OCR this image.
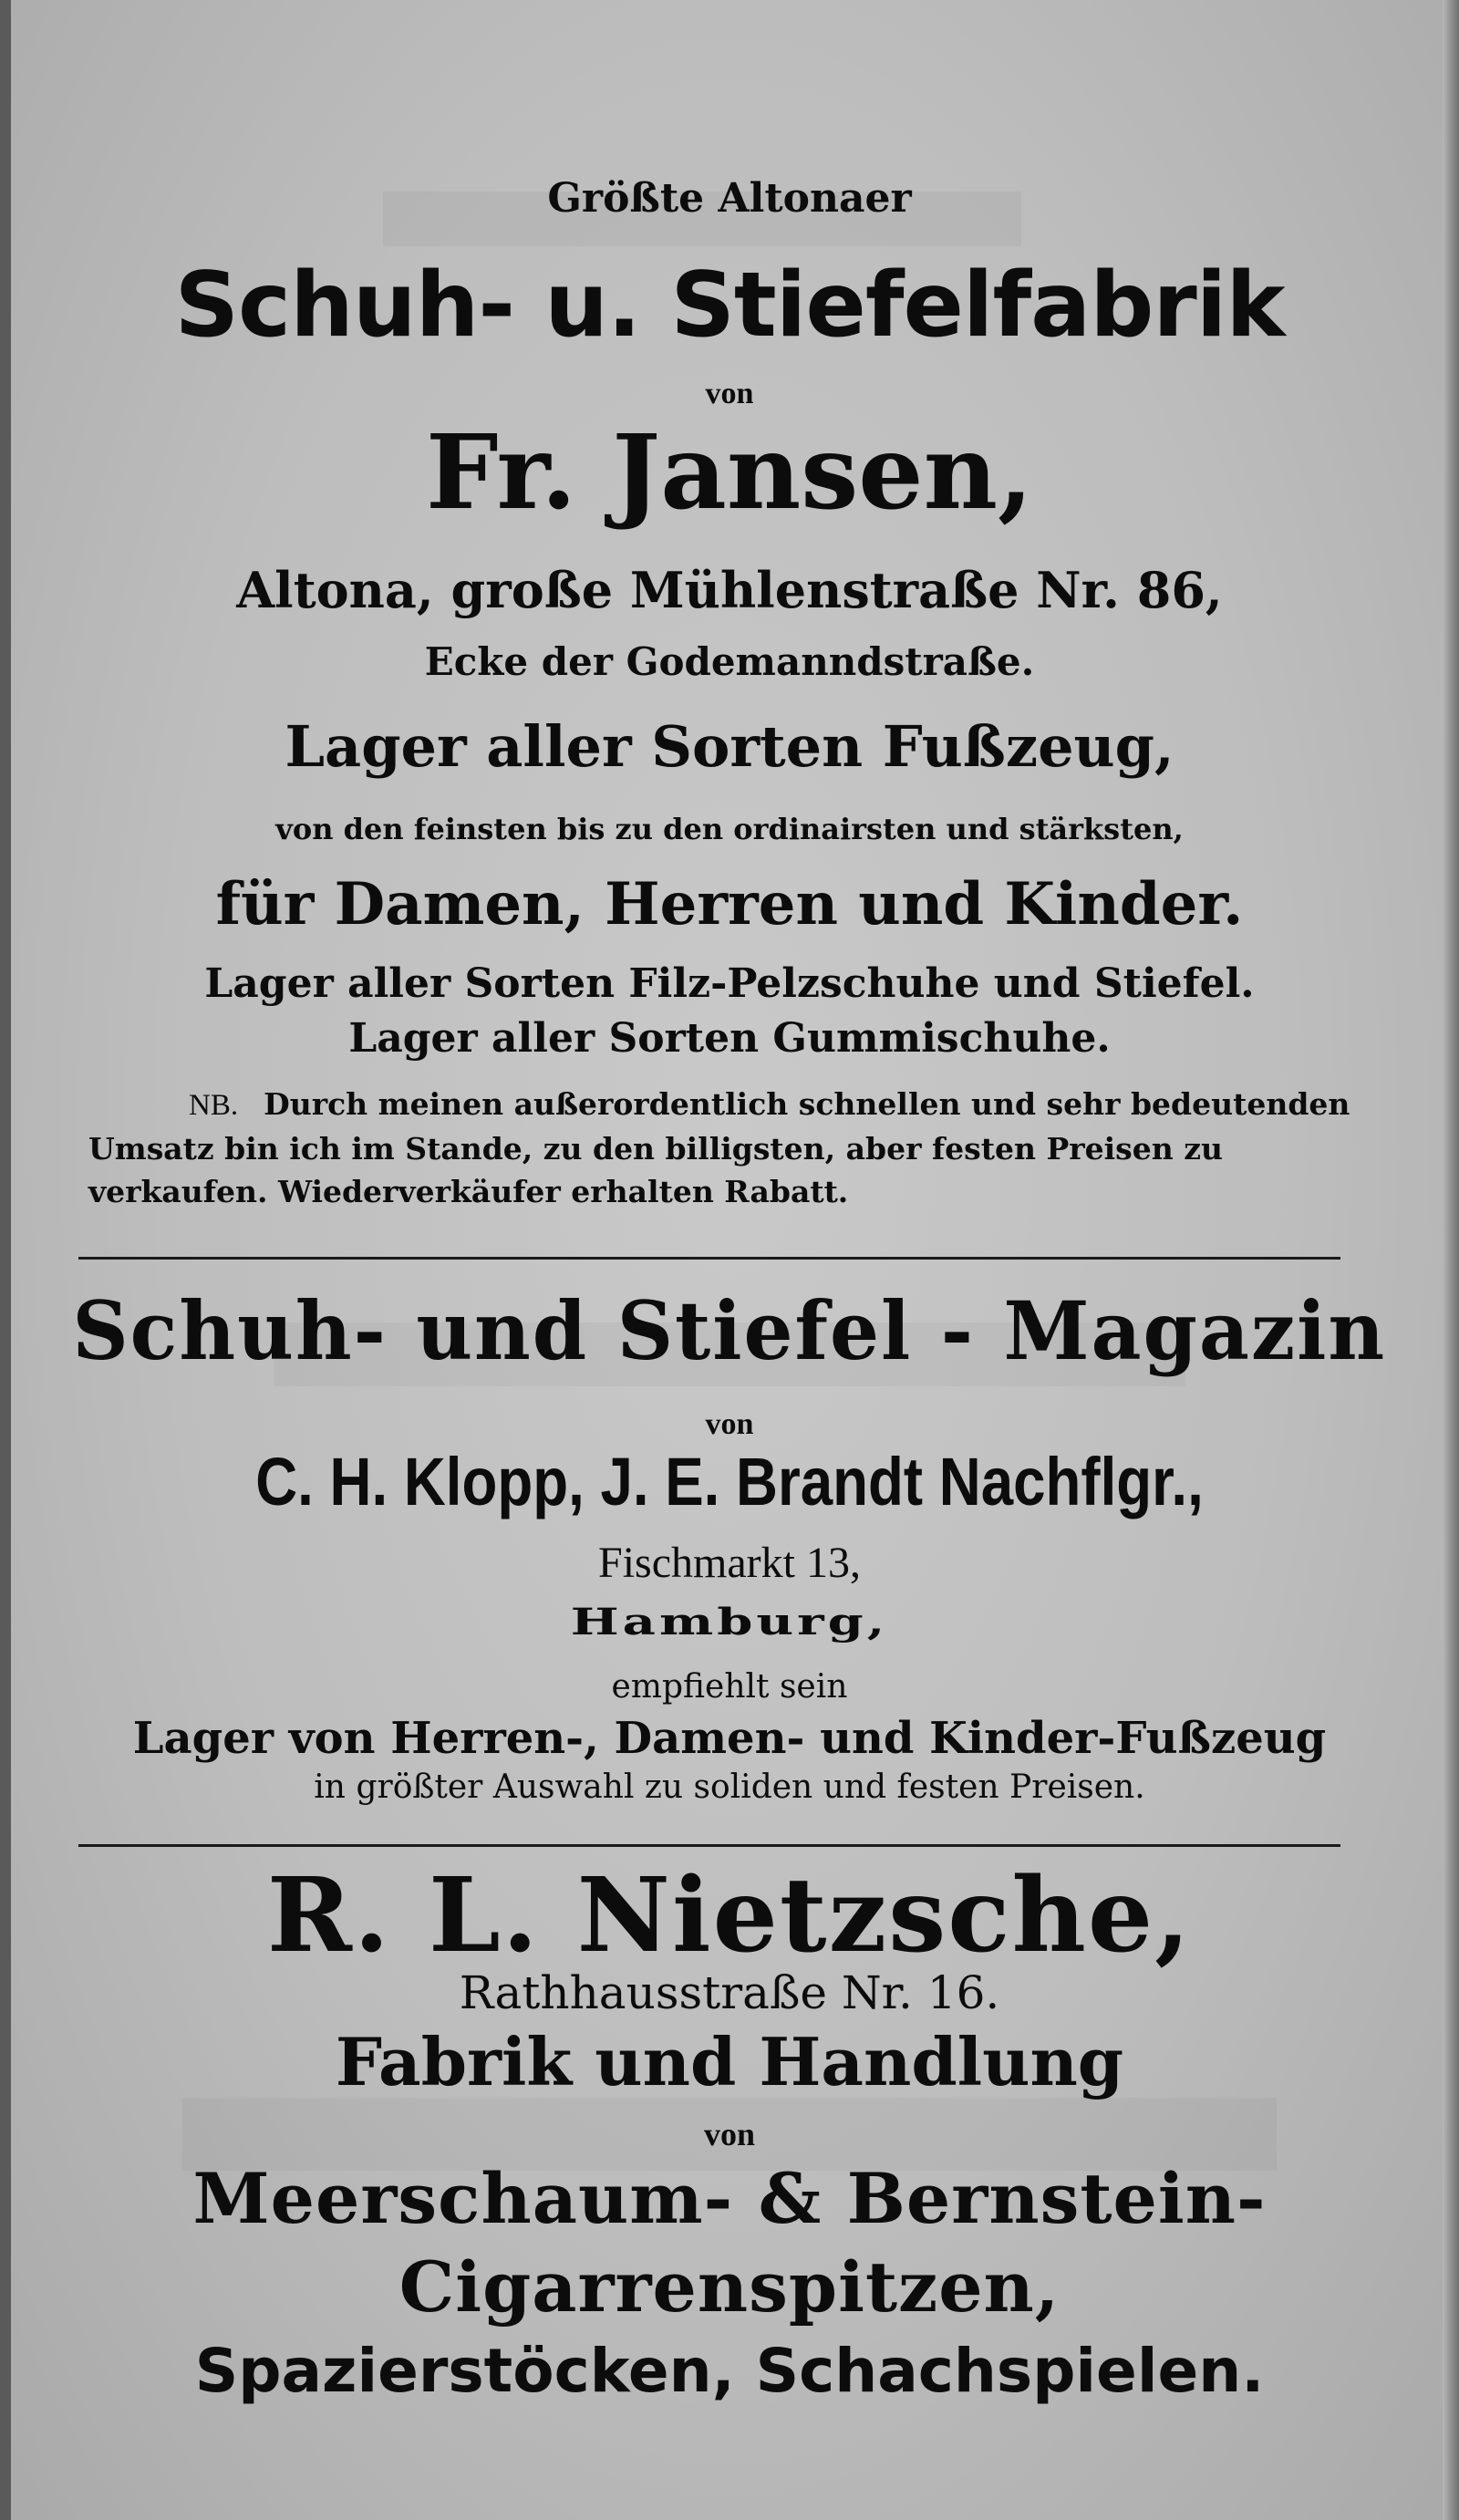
Größte Altonaer
Schuh- u. Stiefelfabrik
von
Fr. Jansen,
Altona, große Mühlenstraße Nr. 86,
Ecke der Godemanndstraße.
Lager aller Sorten Fußzeug,
von den feinsten bis zu den ordinairsten und stärksten,
für Damen, Herren und Kinder.
Lager aller Sorten Filz-Pelzschuhe und Stiefel.
Lager aller Sorten Gummischuhe.
NB. Durch meinen außerordentlich schnellen und sehr bedeutenden
Umsatz bin ich im Stande, zu den billigsten, aber festen Preisen zu
verkaufen. Wiederverkäufer erhalten Rabatt.
Schuh- und Stiefel - Magazin
von
C. H. Klopp, J. E. Brandt Nachflgr.,
Fischmarkt 13,
Hamburg,
empfiehlt sein
Lager von Herren-, Damen- und Kinder-Fußzeug
in größter Auswahl zu soliden und festen Preisen.
R. L. Nietzsche,
Rathhausstraße Nr. 16.
Fabrik und Handlung
von
Meerschaum- & Bernstein-
Cigarrenspitzen,
Spazierstöcken, Schachspielen.
